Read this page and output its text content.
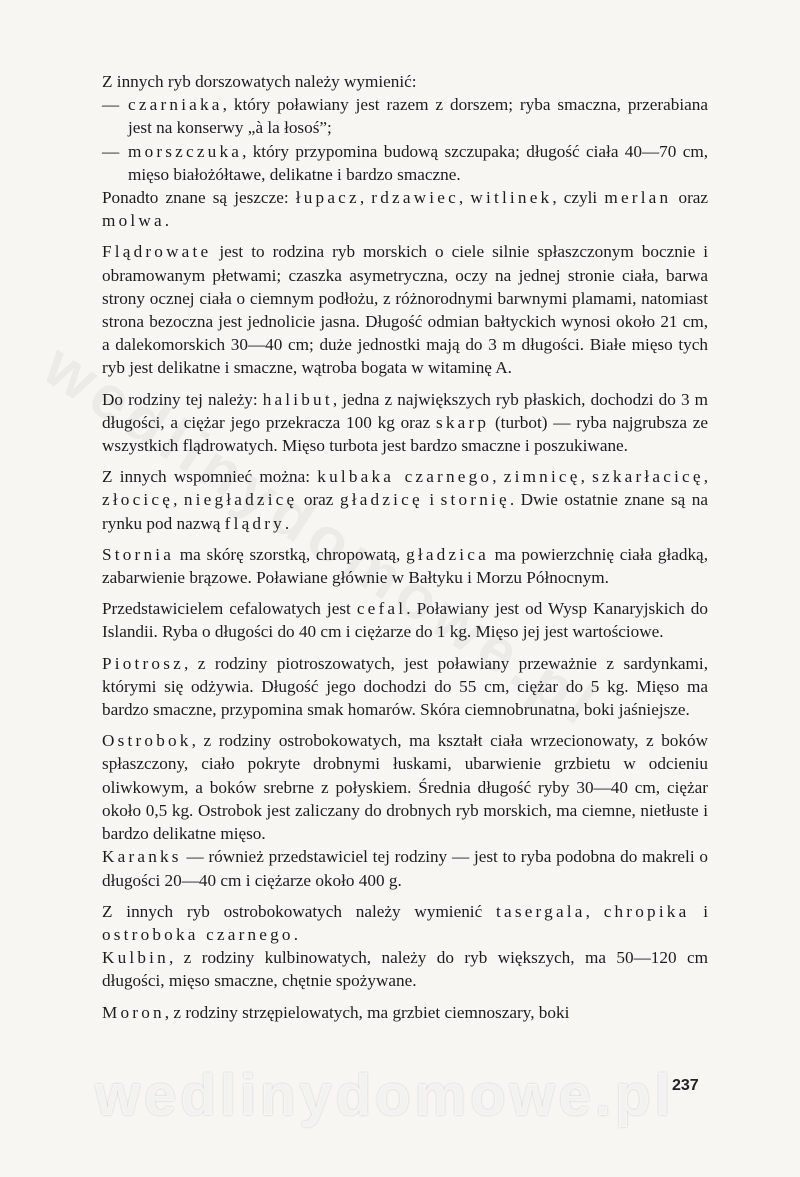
Z innych ryb dorszowatych należy wymienić:

— czarniaka, który poławiany jest razem z dorszem; ryba smaczna, przerabiana jest na konserwy „à la łosoś”;
— morszczuka, który przypomina budową szczupaka; długość ciała 40—70 cm, mięso białożółtawe, delikatne i bardzo smaczne.

Ponadto znane są jeszcze: łupacz, rdzawiec, witlinek, czyli merlan oraz molwa.

Flądrowate jest to rodzina ryb morskich o ciele silnie spłaszczonym bocznie i obramowanym płetwami; czaszka asymetryczna, oczy na jednej stronie ciała, barwa strony ocznej ciała o ciemnym podłożu, z różnorodnymi barwnymi plamami, natomiast strona bezoczna jest jednolicie jasna. Długość odmian bałtyckich wynosi około 21 cm, a dalekomorskich 30—40 cm; duże jednostki mają do 3 m długości. Białe mięso tych ryb jest delikatne i smaczne, wątroba bogata w witaminę A.

Do rodziny tej należy: halibut, jedna z największych ryb płaskich, dochodzi do 3 m długości, a ciężar jego przekracza 100 kg oraz skarp (turbot) — ryba najgrubsza ze wszystkich flądrowatych. Mięso turbota jest bardzo smaczne i poszukiwane.

Z innych wspomnieć można: kulbaka czarnego, zimnicę, szkarłacicę, złocicę, niegładzicę oraz gładzicę i stornię. Dwie ostatnie znane są na rynku pod nazwą flądry.

Stornia ma skórę szorstką, chropowatą, gładzica ma powierzchnię ciała gładką, zabarwienie brązowe. Poławiane głównie w Bałtyku i Morzu Północnym.

Przedstawicielem cefalowatych jest cefal. Poławiany jest od Wysp Kanaryjskich do Islandii. Ryba o długości do 40 cm i ciężarze do 1 kg. Mięso jej jest wartościowe.

Piotrosz, z rodziny piotroszowatych, jest poławiany przeważnie z sardynkami, którymi się odżywia. Długość jego dochodzi do 55 cm, ciężar do 5 kg. Mięso ma bardzo smaczne, przypomina smak homarów. Skóra ciemnobrunatna, boki jaśniejsze.

Ostrobok, z rodziny ostrobokowatych, ma kształt ciała wrzecionowaty, z boków spłaszczony, ciało pokryte drobnymi łuskami, ubarwienie grzbietu w odcieniu oliwkowym, a boków srebrne z połyskiem. Średnia długość ryby 30—40 cm, ciężar około 0,5 kg. Ostrobok jest zaliczany do drobnych ryb morskich, ma ciemne, nietłuste i bardzo delikatne mięso.

Karanks — również przedstawiciel tej rodziny — jest to ryba podobna do makreli o długości 20—40 cm i ciężarze około 400 g.

Z innych ryb ostrobokowatych należy wymienić tasergala, chropika i ostroboka czarnego.

Kulbin, z rodziny kulbinowatych, należy do ryb większych, ma 50—120 cm długości, mięso smaczne, chętnie spożywane.

Moron, z rodziny strzępielowatych, ma grzbiet ciemnoszary, boki

wedlinydomowe.pl
237
